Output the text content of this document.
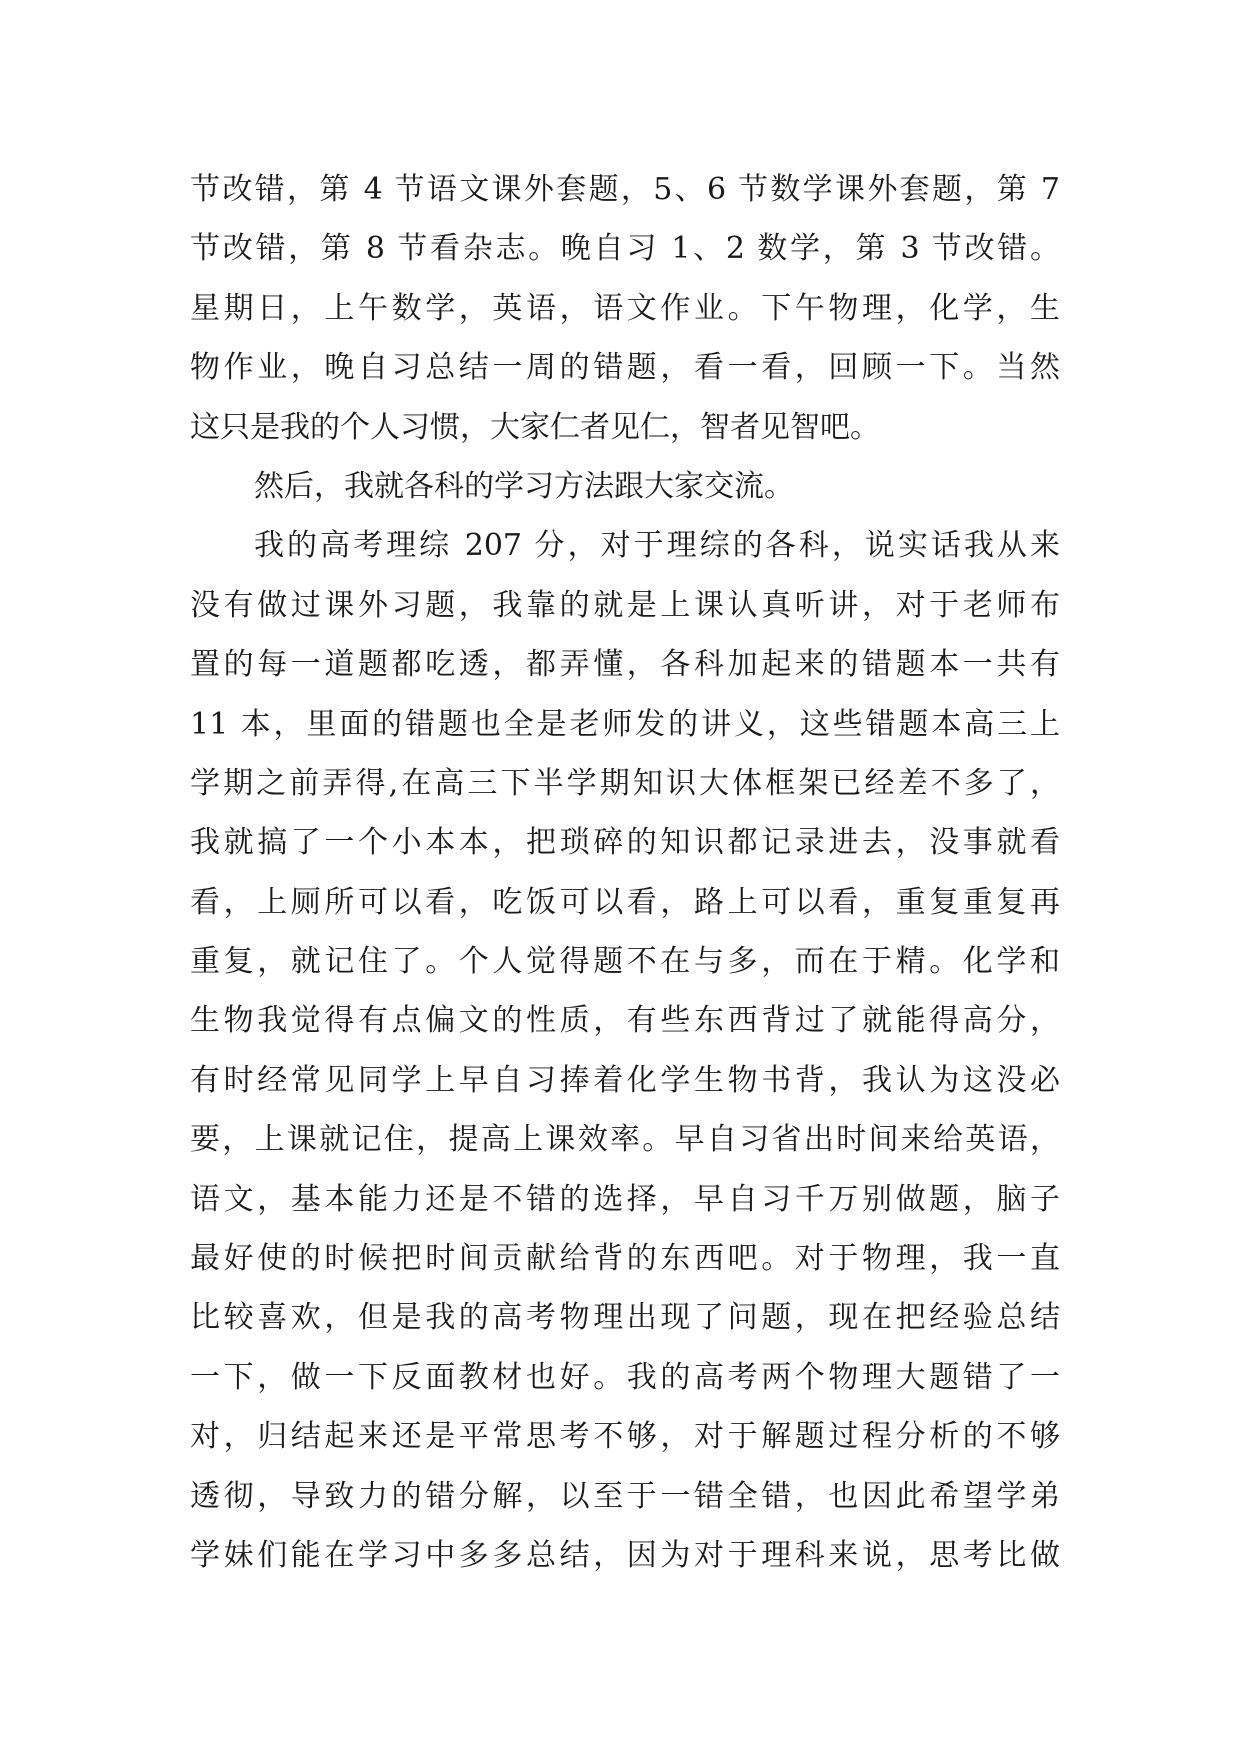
节改错，第 4 节语文课外套题，5、6 节数学课外套题，第 7
节改错，第 8 节看杂志。晚自习 1、2 数学，第 3 节改错。
星期日，上午数学，英语，语文作业。下午物理，化学，生
物作业，晚自习总结一周的错题，看一看，回顾一下。当然
这只是我的个人习惯，大家仁者见仁，智者见智吧。
然后，我就各科的学习方法跟大家交流。
我的高考理综 207 分，对于理综的各科，说实话我从来
没有做过课外习题，我靠的就是上课认真听讲，对于老师布
置的每一道题都吃透，都弄懂，各科加起来的错题本一共有
11 本，里面的错题也全是老师发的讲义，这些错题本高三上
学期之前弄得,在高三下半学期知识大体框架已经差不多了，
我就搞了一个小本本，把琐碎的知识都记录进去，没事就看
看，上厕所可以看，吃饭可以看，路上可以看，重复重复再
重复，就记住了。个人觉得题不在与多，而在于精。化学和
生物我觉得有点偏文的性质，有些东西背过了就能得高分，
有时经常见同学上早自习捧着化学生物书背，我认为这没必
要，上课就记住，提高上课效率。早自习省出时间来给英语，
语文，基本能力还是不错的选择，早自习千万别做题，脑子
最好使的时候把时间贡献给背的东西吧。对于物理，我一直
比较喜欢，但是我的高考物理出现了问题，现在把经验总结
一下，做一下反面教材也好。我的高考两个物理大题错了一
对，归结起来还是平常思考不够，对于解题过程分析的不够
透彻，导致力的错分解，以至于一错全错，也因此希望学弟
学妹们能在学习中多多总结，因为对于理科来说，思考比做
